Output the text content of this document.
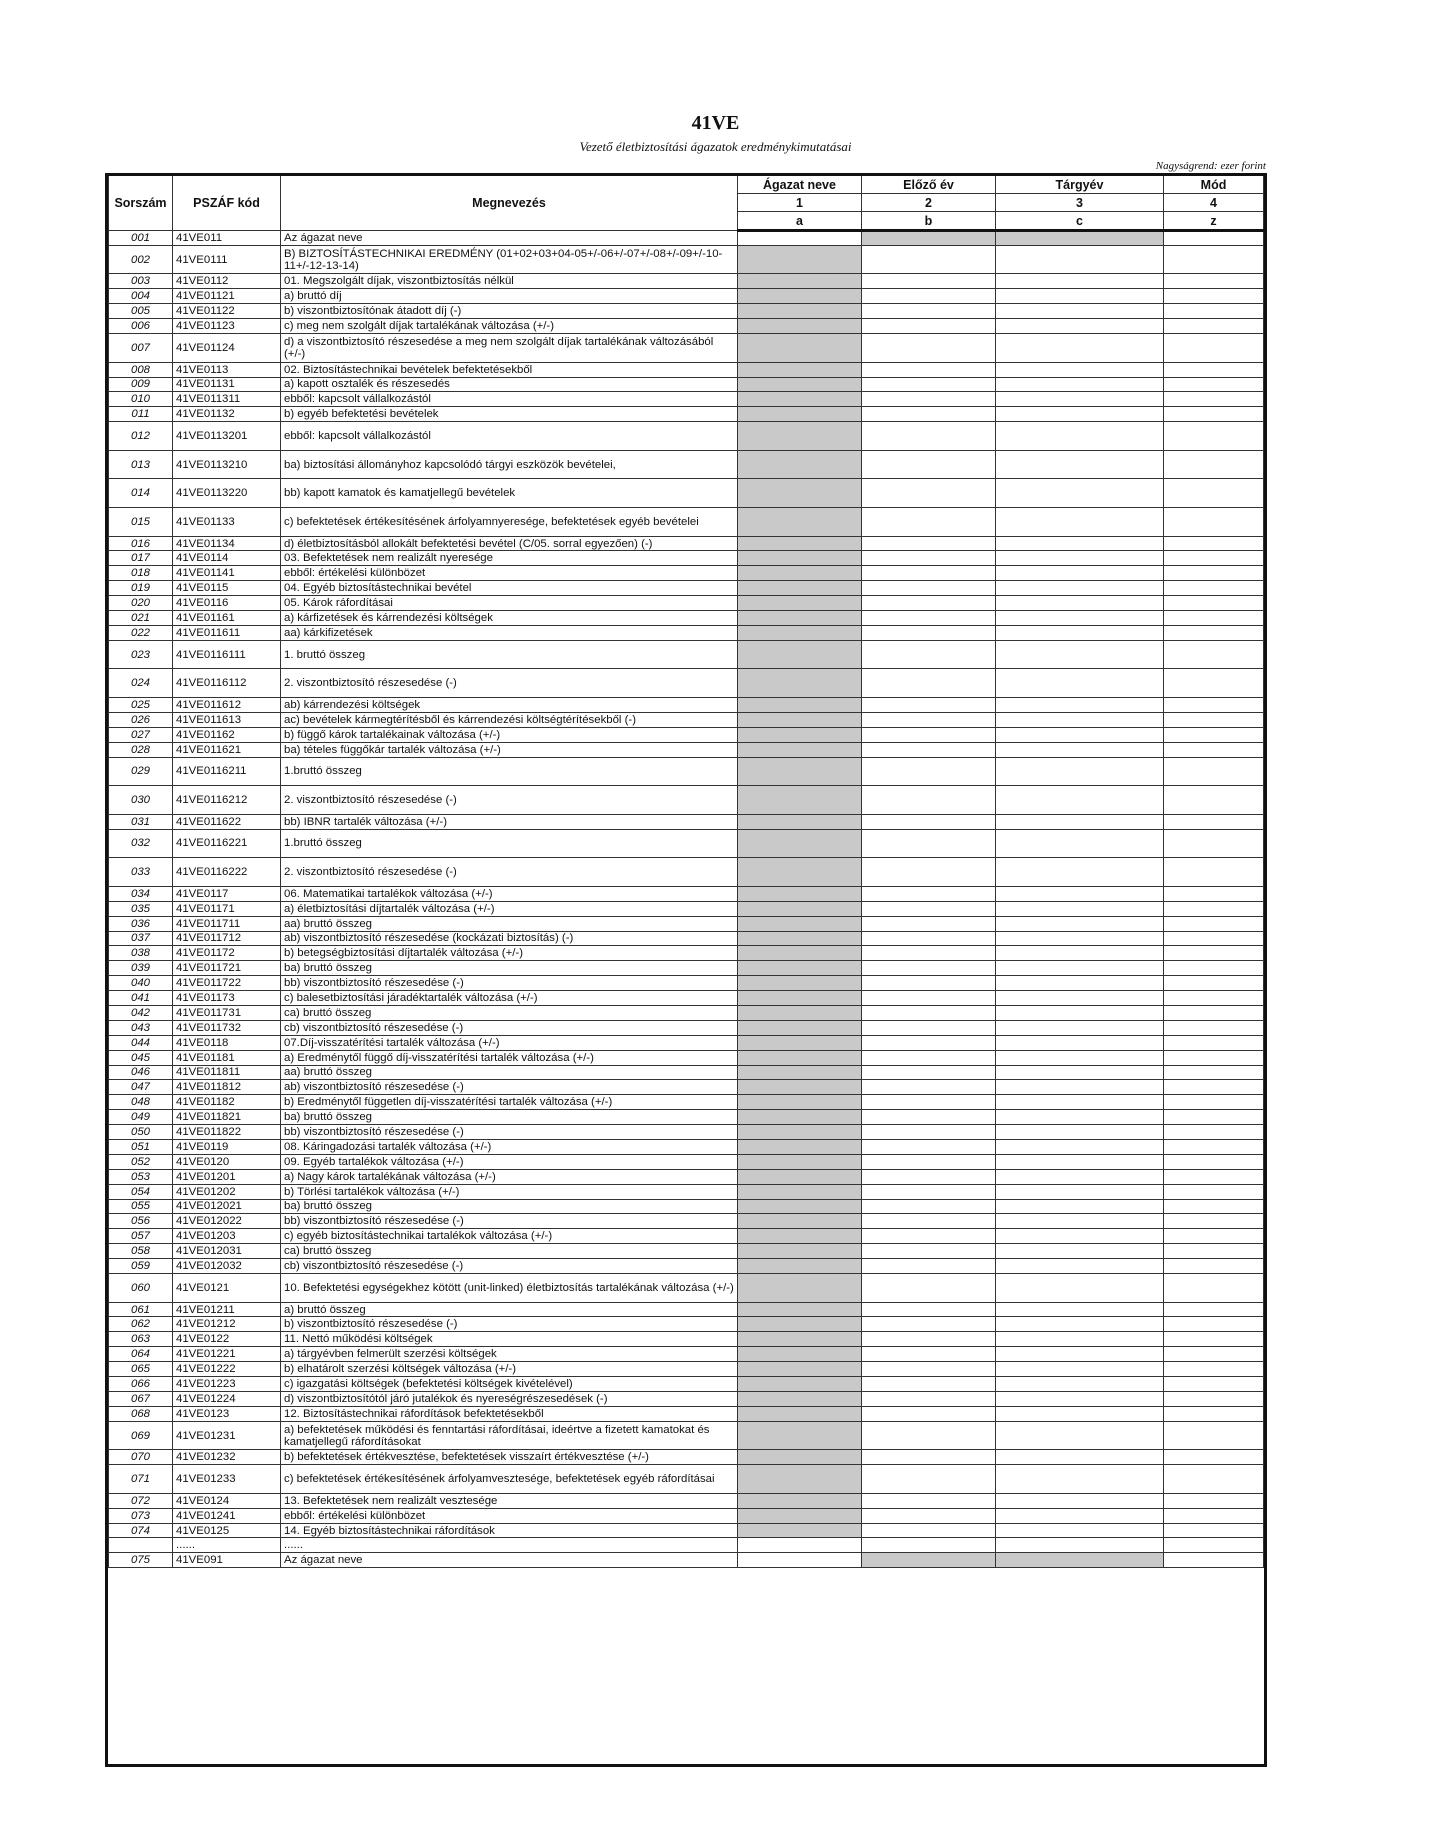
41VE
Vezető életbiztosítási ágazatok eredménykimutatásai
Nagyságrend: ezer forint
Sorszám	PSZÁF kód	Megnevezés	Ágazat neve	Előző év	Tárgyév	Mód
			1	2	3	4
			a	b	c	z
001	41VE011	Az ágazat neve				
002	41VE0111	B) BIZTOSÍTÁSTECHNIKAI EREDMÉNY (01+02+03+04-05+/-06+/-07+/-08+/-09+/-10-11+/-12-13-14)				
003	41VE0112	01. Megszolgált díjak, viszontbiztosítás nélkül				
004	41VE01121	a) bruttó díj				
005	41VE01122	b) viszontbiztosítónak átadott díj (-)				
006	41VE01123	c) meg nem szolgált díjak tartalékának változása (+/-)				
007	41VE01124	d) a viszontbiztosító részesedése a meg nem szolgált díjak tartalékának változásából (+/-)				
008	41VE0113	02. Biztosítástechnikai bevételek befektetésekből				
009	41VE01131	a) kapott osztalék és részesedés				
010	41VE011311	ebből: kapcsolt vállalkozástól				
011	41VE01132	b) egyéb befektetési bevételek				
012	41VE0113201	ebből: kapcsolt vállalkozástól				
013	41VE0113210	ba) biztosítási állományhoz kapcsolódó tárgyi eszközök bevételei,				
014	41VE0113220	bb) kapott kamatok és kamatjellegű bevételek				
015	41VE01133	c) befektetések értékesítésének árfolyamnyeresége, befektetések egyéb bevételei				
016	41VE01134	d) életbiztosításból allokált befektetési bevétel (C/05. sorral egyezően) (-)				
017	41VE0114	03. Befektetések nem realizált nyeresége				
018	41VE01141	ebből: értékelési különbözet				
019	41VE0115	04. Egyéb biztosítástechnikai bevétel				
020	41VE0116	05. Károk ráfordításai				
021	41VE01161	a) kárfizetések és kárrendezési költségek				
022	41VE011611	aa) kárkifizetések				
023	41VE0116111	1. bruttó összeg				
024	41VE0116112	2. viszontbiztosító részesedése (-)				
025	41VE011612	ab) kárrendezési költségek				
026	41VE011613	ac) bevételek kármegtérítésből és kárrendezési költségtérítésekből (-)				
027	41VE01162	b) függő károk tartalékainak változása (+/-)				
028	41VE011621	ba) tételes függőkár tartalék változása (+/-)				
029	41VE0116211	1.bruttó összeg				
030	41VE0116212	2. viszontbiztosító részesedése (-)				
031	41VE011622	bb) IBNR tartalék változása (+/-)				
032	41VE0116221	1.bruttó összeg				
033	41VE0116222	2. viszontbiztosító részesedése (-)				
034	41VE0117	06. Matematikai tartalékok változása (+/-)				
035	41VE01171	a) életbiztosítási díjtartalék változása (+/-)				
036	41VE011711	aa) bruttó összeg				
037	41VE011712	ab) viszontbiztosító részesedése (kockázati biztosítás) (-)				
038	41VE01172	b) betegségbiztosítási díjtartalék változása (+/-)				
039	41VE011721	ba) bruttó összeg				
040	41VE011722	bb) viszontbiztosító részesedése (-)				
041	41VE01173	c) balesetbiztosítási járadéktartalék változása (+/-)				
042	41VE011731	ca) bruttó összeg				
043	41VE011732	cb) viszontbiztosító részesedése (-)				
044	41VE0118	07.Díj-visszatérítési tartalék változása (+/-)				
045	41VE01181	a) Eredménytől függő díj-visszatérítési tartalék változása (+/-)				
046	41VE011811	aa) bruttó összeg				
047	41VE011812	ab) viszontbiztosító részesedése (-)				
048	41VE01182	b) Eredménytől független díj-visszatérítési tartalék változása (+/-)				
049	41VE011821	ba) bruttó összeg				
050	41VE011822	bb) viszontbiztosító részesedése (-)				
051	41VE0119	08. Káringadozási tartalék változása (+/-)				
052	41VE0120	09. Egyéb tartalékok változása (+/-)				
053	41VE01201	a) Nagy károk tartalékának változása (+/-)				
054	41VE01202	b) Törlési tartalékok változása (+/-)				
055	41VE012021	ba) bruttó összeg				
056	41VE012022	bb) viszontbiztosító részesedése (-)				
057	41VE01203	c) egyéb biztosítástechnikai tartalékok változása (+/-)				
058	41VE012031	ca) bruttó összeg				
059	41VE012032	cb) viszontbiztosító részesedése (-)				
060	41VE0121	10. Befektetési egységekhez kötött (unit-linked) életbiztosítás tartalékának változása (+/-)				
061	41VE01211	a) bruttó összeg				
062	41VE01212	b) viszontbiztosító részesedése (-)				
063	41VE0122	11. Nettó működési költségek				
064	41VE01221	a) tárgyévben felmerült szerzési költségek				
065	41VE01222	b) elhatárolt szerzési költségek változása (+/-)				
066	41VE01223	c) igazgatási költségek (befektetési költségek kivételével)				
067	41VE01224	d) viszontbiztosítótól járó jutalékok és nyereségrészesedések (-)				
068	41VE0123	12. Biztosítástechnikai ráfordítások befektetésekből				
069	41VE01231	a) befektetések működési és fenntartási ráfordításai, ideértve a fizetett kamatokat és kamatjellegű ráfordításokat				
070	41VE01232	b) befektetések értékvesztése, befektetések visszaírt értékvesztése (+/-)				
071	41VE01233	c) befektetések értékesítésének árfolyamvesztesége, befektetések egyéb ráfordításai				
072	41VE0124	13. Befektetések nem realizált vesztesége				
073	41VE01241	ebből: értékelési különbözet				
074	41VE0125	14. Egyéb biztosítástechnikai ráfordítások				
	......	......				
075	41VE091	Az ágazat neve				
